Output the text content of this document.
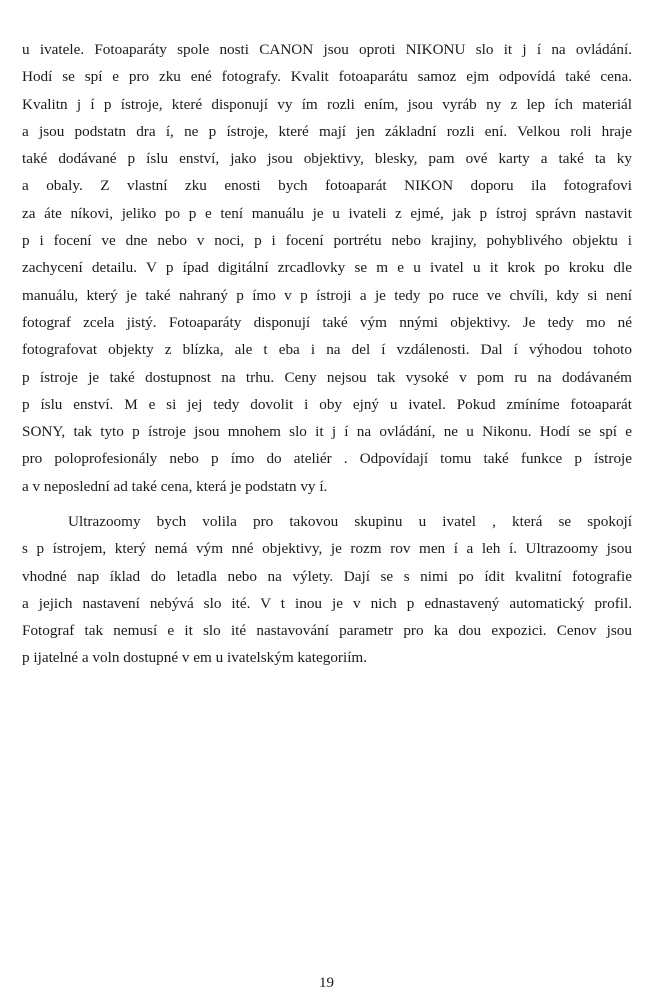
u ivatele. Fotoaparáty spole nosti CANON jsou oproti NIKONU slo it j í na ovládání.
Hodí se spí e pro zku ené fotografy. Kvalit fotoaparátu samoz ejm odpovídá také cena.
Kvalitn j í p ístroje, které disponují vy ím rozli ením, jsou vyráb ny z lep ích materiál
a jsou podstatn dra í, ne p ístroje, které mají jen základní rozli ení. Velkou roli hraje
také dodávané p íslu enství, jako jsou objektivy, blesky, pam ové karty a také ta ky
a obaly. Z vlastní zku enosti bych fotoaparát NIKON doporu ila fotografovi
za áte níkovi, jeliko po p e tení manuálu je u ivateli z ejmé, jak p ístroj správn nastavit
p i focení ve dne nebo v noci, p i focení portrétu nebo krajiny, pohyblivého objektu i
zachycení detailu. V p ípad digitální zrcadlovky se m e u ivatel u it krok po kroku dle
manuálu, který je také nahraný p ímo v p ístroji a je tedy po ruce ve chvíli, kdy si není
fotograf zcela jistý. Fotoaparáty disponují také vým nnými objektivy. Je tedy mo né
fotografovat objekty z blízka, ale t eba i na del í vzdálenosti. Dal í výhodou tohoto
p ístroje je také dostupnost na trhu. Ceny nejsou tak vysoké v pom ru na dodávaném
p íslu enství. M e si jej tedy dovolit i oby ejný u ivatel. Pokud zmíníme fotoaparát
SONY, tak tyto p ístroje jsou mnohem slo it j í na ovládání, ne u Nikonu. Hodí se spí e
pro poloprofesionály nebo p ímo do ateliér . Odpovídají tomu také funkce p ístroje
a v neposlední ad také cena, která je podstatn vy í.
Ultrazoomy bych volila pro takovou skupinu u ivatel , která se spokojí
s p ístrojem, který nemá vým nné objektivy, je rozm rov men í a leh í. Ultrazoomy jsou
vhodné nap íklad do letadla nebo na výlety. Dají se s nimi po ídit kvalitní fotografie
a jejich nastavení nebývá slo ité. V t inou je v nich p ednastavený automatický profil.
Fotograf tak nemusí e it slo ité nastavování parametr pro ka dou expozici. Cenov jsou
p ijatelné a voln dostupné v em u ivatelským kategoriím.
19
